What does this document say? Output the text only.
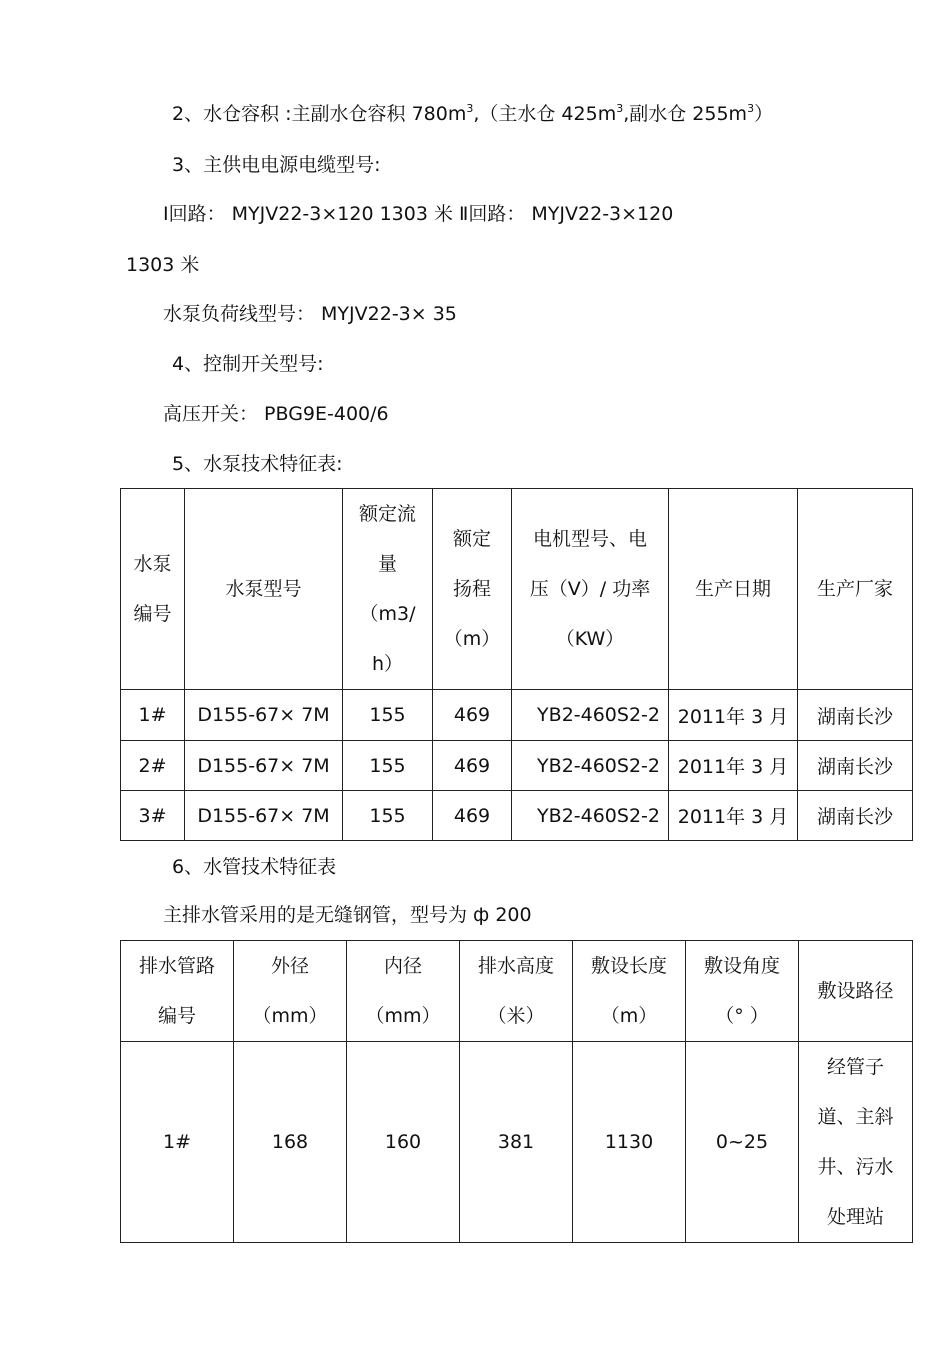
2、水仓容积 :主副水仓容积 $780m^3$,（主水仓 $425m^3$,副水仓 $255m^3$）
3、主供电电源电缆型号:
Ⅰ回路： MYJV22-3×120 1303 米 Ⅱ回路： MYJV22-3×120
1303 米
水泵负荷线型号： MYJV22-3× 35
4、控制开关型号:
高压开关： PBG9E-400/6
5、水泵技术特征表:
水泵
编号	水泵型号	额定流
量
（m3/
h）	额定
扬程
（m）	电机型号、电
压（V）/ 功率
（KW）	生产日期	生产厂家

1#	D155-67× 7M	155	469	YB2-460S2-2	2011年 3 月	湖南长沙
2#	D155-67× 7M	155	469	YB2-460S2-2	2011年 3 月	湖南长沙
3#	D155-67× 7M	155	469	YB2-460S2-2	2011年 3 月	湖南长沙
6、水管技术特征表
主排水管采用的是无缝钢管，型号为 ф 200
排水管路
编号	外径
（mm）	内径
（mm）	排水高度
（米）	敷设长度
（m）	敷设角度
（° ）	敷设路径

1#	168	160	381	1130	0~25	经管子
道、主斜
井、污水
处理站
